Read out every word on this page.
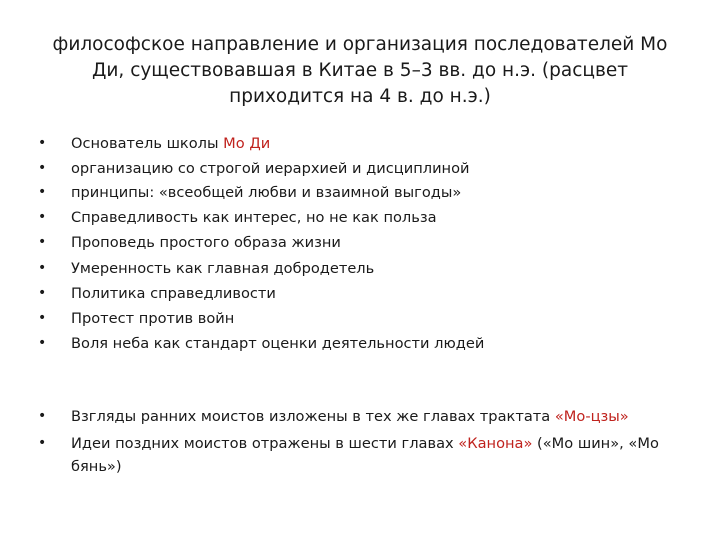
философское направление и организация последователей Мо Ди, существовавшая в Китае в 5–3 вв. до н.э. (расцвет приходится на 4 в. до н.э.)
•	Основатель школы Мо Ди
•	организацию со строгой иерархией и дисциплиной
•	принципы: «всеобщей любви и взаимной выгоды»
•	Справедливость как интерес, но не как польза
•	Проповедь простого образа жизни
•	Умеренность как главная добродетель
•	Политика справедливости
•	Протест против войн
•	Воля неба как стандарт оценки деятельности людей
•	Взгляды ранних моистов изложены в тех же главах трактата «Мо-цзы»
•	Идеи поздних моистов отражены в шести главах «Канона» («Мо шин», «Мо бянь»)
